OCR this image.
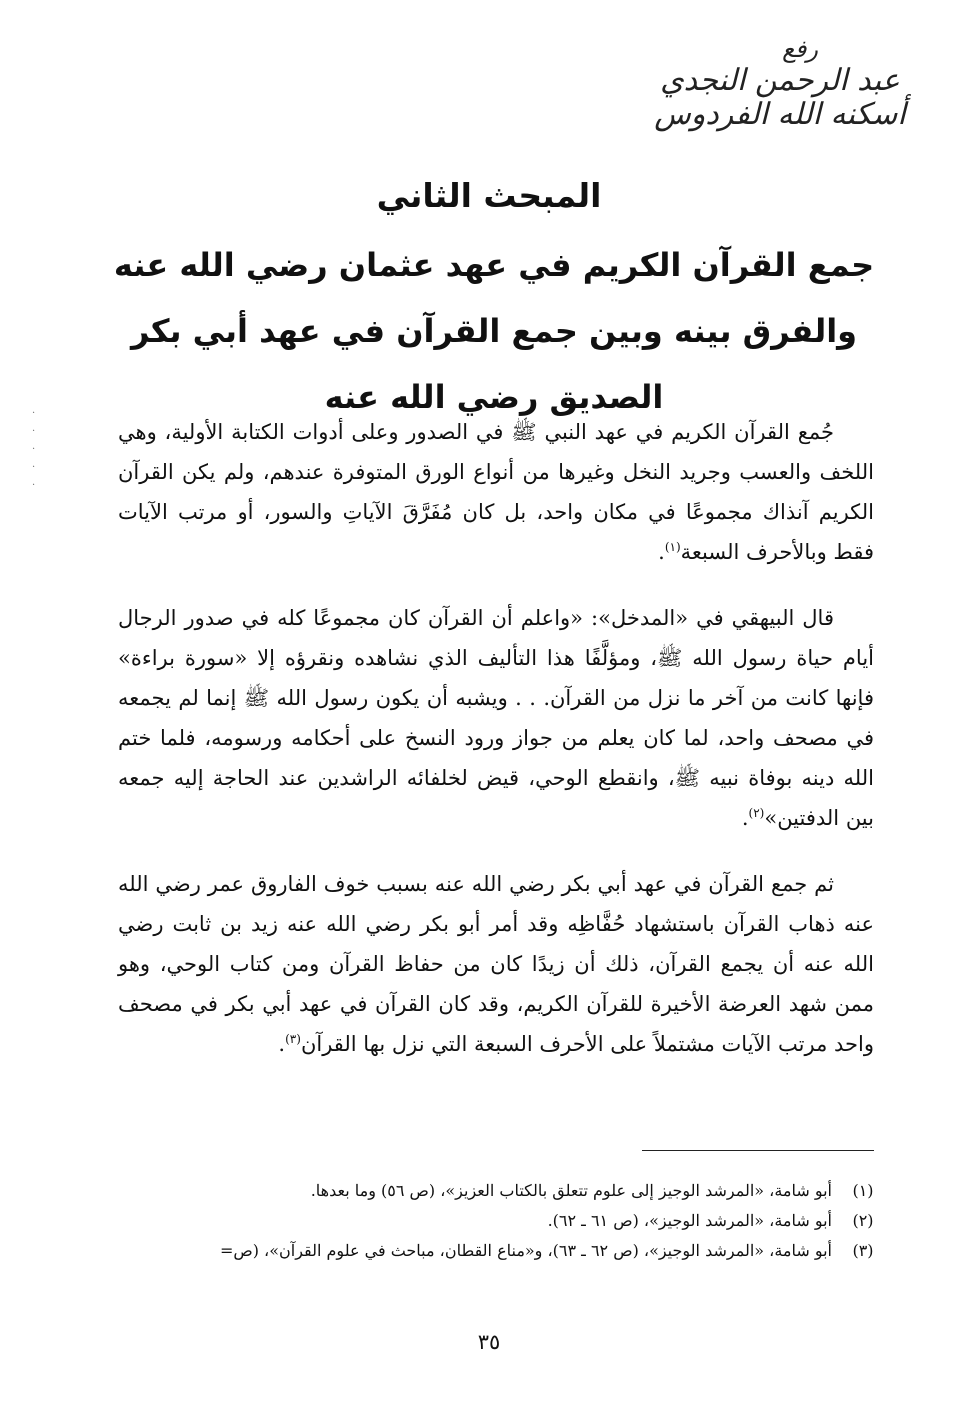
رفع
عبد الرحمن النجدي
أسكنه الله الفردوس
المبحث الثاني
جمع القرآن الكريم في عهد عثمان رضي الله عنه والفرق بينه وبين جمع القرآن في عهد أبي بكر الصديق رضي الله عنه
·
·
·
·
·

جُمع القرآن الكريم في عهد النبي ﷺ في الصدور وعلى أدوات الكتابة الأولية، وهي اللخف والعسب وجريد النخل وغيرها من أنواع الورق المتوفرة عندهم، ولم يكن القرآن الكريم آنذاك مجموعًا في مكان واحد، بل كان مُفَرَّقَ الآياتِ والسور، أو مرتب الآيات فقط وبالأحرف السبعة$^{(١)}$.

قال البيهقي في «المدخل»: «واعلم أن القرآن كان مجموعًا كله في صدور الرجال أيام حياة رسول الله ﷺ، ومؤلَّفًا هذا التأليف الذي نشاهده ونقرؤه إلا «سورة براءة» فإنها كانت من آخر ما نزل من القرآن. . . ويشبه أن يكون رسول الله ﷺ إنما لم يجمعه في مصحف واحد، لما كان يعلم من جواز ورود النسخ على أحكامه ورسومه، فلما ختم الله دينه بوفاة نبيه ﷺ، وانقطع الوحي، قيض لخلفائه الراشدين عند الحاجة إليه جمعه بين الدفتين»$^{(٢)}$.

ثم جمع القرآن في عهد أبي بكر رضي الله عنه بسبب خوف الفاروق عمر رضي الله عنه ذهاب القرآن باستشهاد حُفَّاظِه وقد أمر أبو بكر رضي الله عنه زيد بن ثابت رضي الله عنه أن يجمع القرآن، ذلك أن زيدًا كان من حفاظ القرآن ومن كتاب الوحي، وهو ممن شهد العرضة الأخيرة للقرآن الكريم، وقد كان القرآن في عهد أبي بكر في مصحف واحد مرتب الآيات مشتملاً على الأحرف السبعة التي نزل بها القرآن$^{(٣)}$.

(١)
أبو شامة، «المرشد الوجيز إلى علوم تتعلق بالكتاب العزيز»، (ص ٥٦) وما بعدها.
(٢)
أبو شامة، «المرشد الوجيز»، (ص ٦١ ـ ٦٢).
(٣)
أبو شامة، «المرشد الوجيز»، (ص ٦٢ ـ ٦٣)، و«مناع القطان، مباحث في علوم القرآن»، (ص=
٣٥
